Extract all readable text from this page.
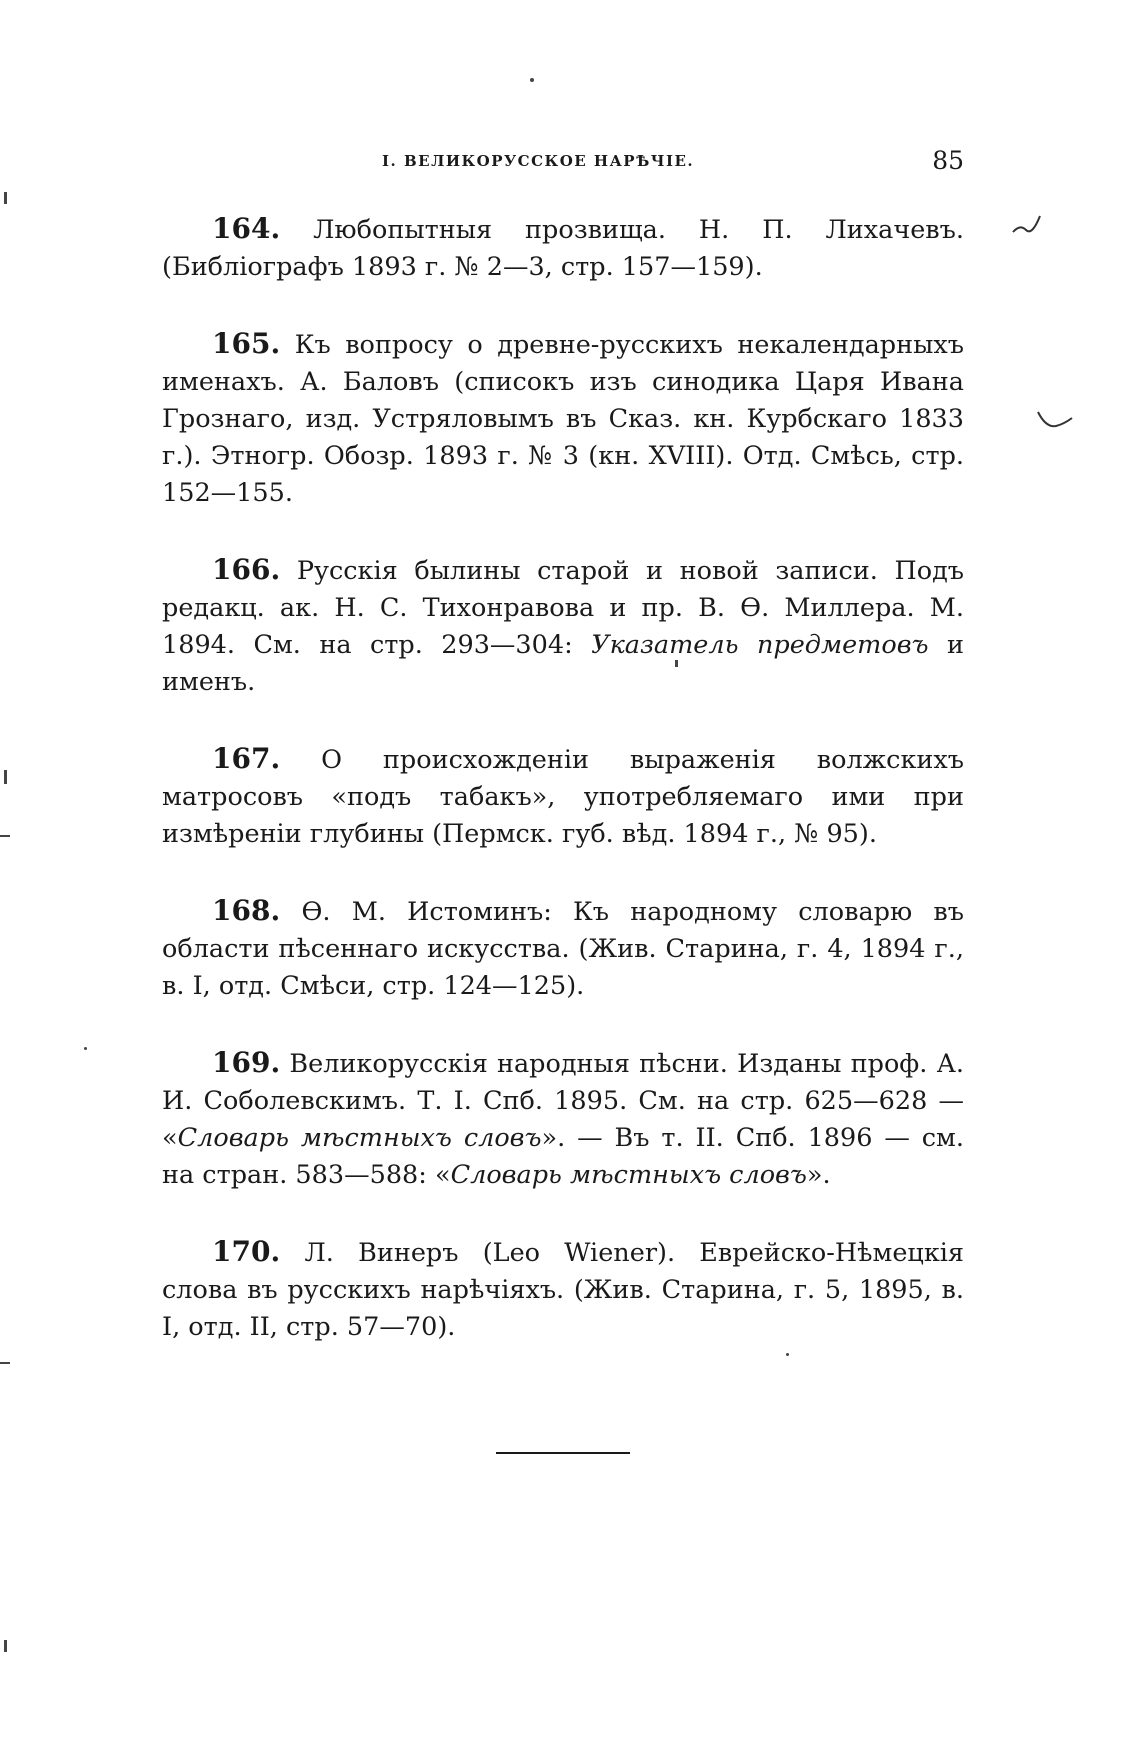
I. ВЕЛИКОРУССКОЕ НАРѢЧІЕ.	85

164. Любопытныя прозвища. Н. П. Лихачевъ. (Библіографъ 1893 г. № 2—3, стр. 157—159).

165. Къ вопросу о древне-русскихъ некалендарныхъ именахъ. А. Баловъ (списокъ изъ синодика Царя Ивана Грознаго, изд. Устряловымъ въ Сказ. кн. Курбскаго 1833 г.). Этногр. Обозр. 1893 г. № 3 (кн. XVIII). Отд. Смѣсь, стр. 152—155.

166. Русскія былины старой и новой записи. Подъ редакц. ак. Н. С. Тихонравова и пр. В. Ѳ. Миллера. М. 1894. См. на стр. 293—304: Указатель предметовъ и именъ.

167. О происхожденіи выраженія волжскихъ матросовъ «подъ табакъ», употребляемаго ими при измѣреніи глубины (Пермск. губ. вѣд. 1894 г., № 95).

168. Ѳ. М. Истоминъ: Къ народному словарю въ области пѣсеннаго искусства. (Жив. Старина, г. 4, 1894 г., в. I, отд. Смѣси, стр. 124—125).

169. Великорусскія народныя пѣсни. Изданы проф. А. И. Соболевскимъ. Т. I. Спб. 1895. См. на стр. 625—628 — «Словарь мѣстныхъ словъ». — Въ т. II. Спб. 1896 — см. на стран. 583—588: «Словарь мѣстныхъ словъ».

170. Л. Винеръ (Leo Wiener). Еврейско-Нѣмецкія слова въ русскихъ нарѣчіяхъ. (Жив. Старина, г. 5, 1895, в. I, отд. II, стр. 57—70).
